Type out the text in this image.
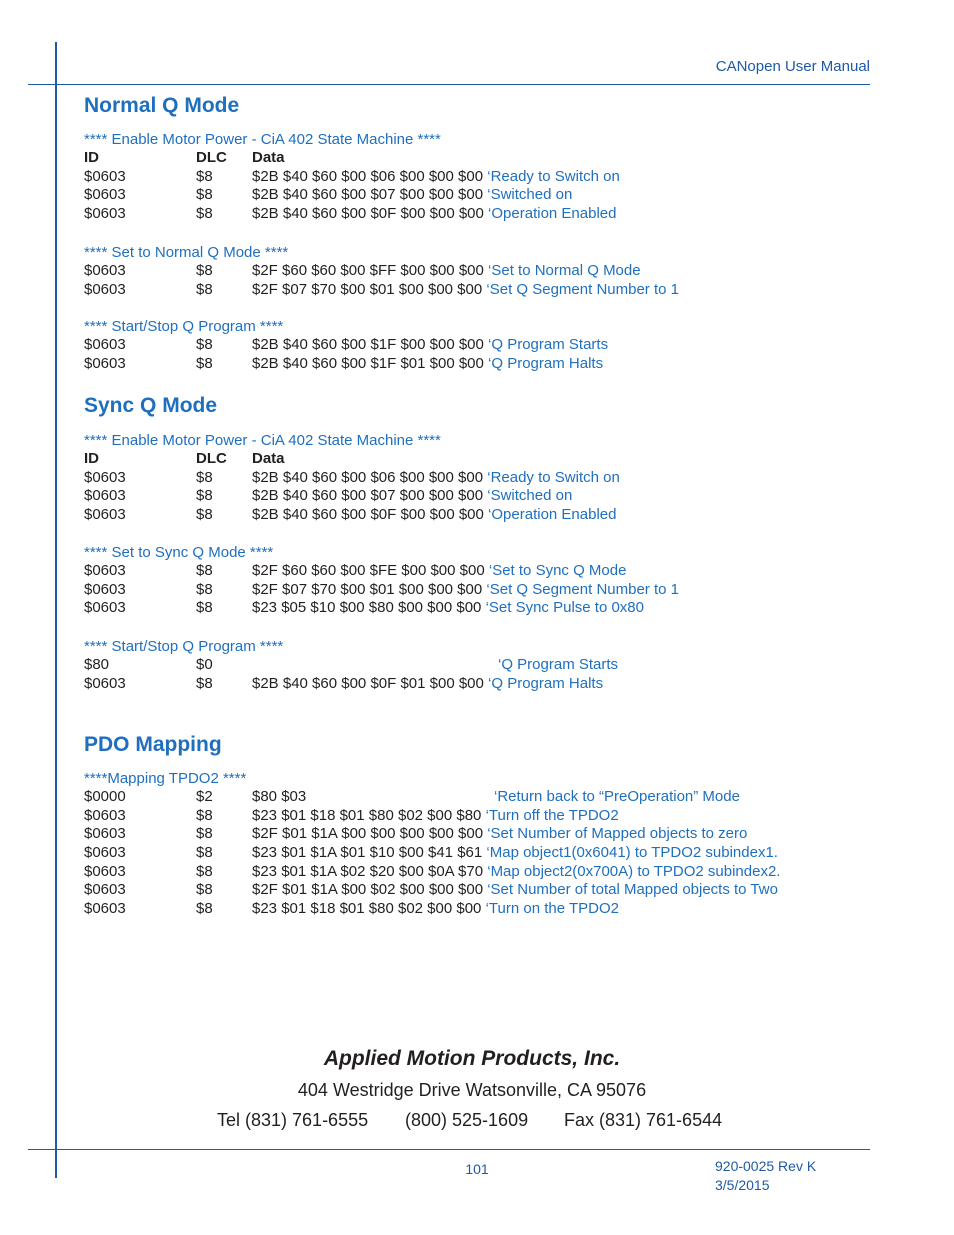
CANopen User Manual
Normal Q Mode
**** Enable Motor Power - CiA 402 State Machine ****
ID	DLC Data
$0603	$8	$2B $40 $60 $00 $06 $00 $00 $00 ‘Ready to Switch on
$0603	$8	$2B $40 $60 $00 $07 $00 $00 $00 ‘Switched on
$0603	$8	$2B $40 $60 $00 $0F $00 $00 $00 ‘Operation Enabled
**** Set to Normal Q Mode ****
$0603	$8	$2F $60 $60 $00 $FF $00 $00 $00 ‘Set to Normal Q Mode
$0603	$8	$2F $07 $70 $00 $01 $00 $00 $00 ‘Set Q Segment Number to 1
**** Start/Stop Q Program ****
$0603	$8	$2B $40 $60 $00 $1F $00 $00 $00 ‘Q Program Starts
$0603	$8	$2B $40 $60 $00 $1F $01 $00 $00 ‘Q Program Halts
Sync Q Mode
**** Enable Motor Power - CiA 402 State Machine ****
ID	DLC Data
$0603	$8	$2B $40 $60 $00 $06 $00 $00 $00 ‘Ready to Switch on
$0603	$8	$2B $40 $60 $00 $07 $00 $00 $00 ‘Switched on
$0603	$8	$2B $40 $60 $00 $0F $00 $00 $00 ‘Operation Enabled
**** Set to Sync Q Mode ****
$0603	$8	$2F $60 $60 $00 $FE $00 $00 $00 ‘Set to Sync Q Mode
$0603	$8	$2F $07 $70 $00 $01 $00 $00 $00 ‘Set Q Segment Number to 1
$0603	$8	$23 $05 $10 $00 $80 $00 $00 $00 ‘Set Sync Pulse to 0x80
**** Start/Stop Q Program ****
$80	$0	‘Q Program Starts
$0603	$8	$2B $40 $60 $00 $0F $01 $00 $00 ‘Q Program Halts
PDO Mapping
****Mapping TPDO2 ****
$0000	$2	$80 $03	‘Return back to “PreOperation” Mode
$0603	$8	$23 $01 $18 $01 $80 $02 $00 $80 ‘Turn off the TPDO2
$0603	$8	$2F $01 $1A $00 $00 $00 $00 $00 ‘Set Number of Mapped objects to zero
$0603	$8	$23 $01 $1A $01 $10 $00 $41 $61 ‘Map object1(0x6041) to TPDO2 subindex1.
$0603	$8	$23 $01 $1A $02 $20 $00 $0A $70 ‘Map object2(0x700A) to TPDO2 subindex2.
$0603	$8	$2F $01 $1A $00 $02 $00 $00 $00 ‘Set Number of total Mapped objects to Two
$0603	$8	$23 $01 $18 $01 $80 $02 $00 $00 ‘Turn on the TPDO2
Applied Motion Products, Inc.
404 Westridge Drive Watsonville, CA 95076
Tel (831) 761-6555 (800) 525-1609 Fax (831) 761-6544
101	920-0025 Rev K
3/5/2015
